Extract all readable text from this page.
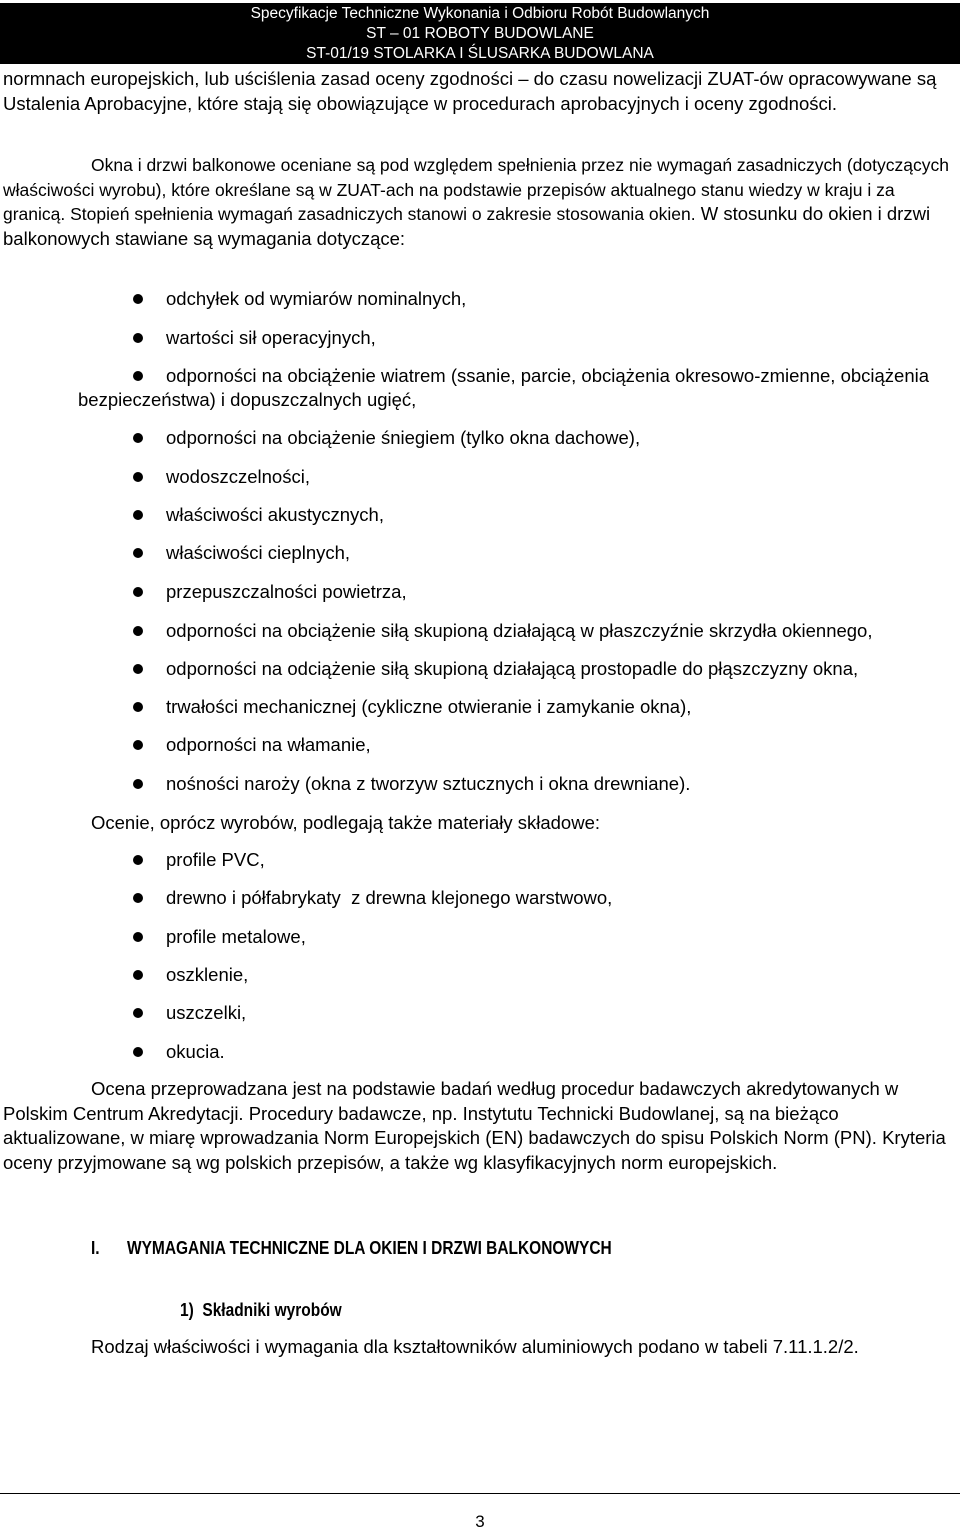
Specyfikacje Techniczne Wykonania i Odbioru Robót Budowlanych
ST – 01 ROBOTY BUDOWLANE
ST-01/19 STOLARKA I ŚLUSARKA BUDOWLANA

normnach europejskich, lub uściślenia zasad oceny zgodności – do czasu nowelizacji ZUAT-ów opracowywane są Ustalenia Aprobacyjne, które stają się obowiązujące w procedurach aprobacyjnych i oceny zgodności.

Okna i drzwi balkonowe oceniane są pod względem spełnienia przez nie wymagań zasadniczych (dotyczących właściwości wyrobu), które określane są w ZUAT-ach na podstawie przepisów aktualnego stanu wiedzy w kraju i za granicą. Stopień spełnienia wymagań zasadniczych stanowi o zakresie stosowania okien. W stosunku do okien i drzwi balkonowych stawiane są wymagania dotyczące:

odchyłek od wymiarów nominalnych,
wartości sił operacyjnych,
odporności na obciążenie wiatrem (ssanie, parcie, obciążenia okresowo-zmienne, obciążenia bezpieczeństwa) i dopuszczalnych ugięć,
odporności na obciążenie śniegiem (tylko okna dachowe),
wodoszczelności,
właściwości akustycznych,
właściwości cieplnych,
przepuszczalności powietrza,
odporności na obciążenie siłą skupioną działającą w płaszczyźnie skrzydła okiennego,
odporności na odciążenie siłą skupioną działającą prostopadle do płąszczyzny okna,
trwałości mechanicznej (cykliczne otwieranie i zamykanie okna),
odporności na włamanie,
nośności naroży (okna z tworzyw sztucznych i okna drewniane).
Ocenie, oprócz wyrobów, podlegają także materiały składowe:
profile PVC,
drewno i półfabrykaty  z drewna klejonego warstwowo,
profile metalowe,
oszklenie,
uszczelki,
okucia.

Ocena przeprowadzana jest na podstawie badań według procedur badawczych akredytowanych w Polskim Centrum Akredytacji. Procedury badawcze, np. Instytutu Technicki Budowlanej, są na bieżąco aktualizowane, w miarę wprowadzania Norm Europejskich (EN) badawczych do spisu Polskich Norm (PN). Kryteria oceny przyjmowane są wg polskich przepisów, a także wg klasyfikacyjnych norm europejskich.

I. WYMAGANIA TECHNICZNE DLA OKIEN I DRZWI BALKONOWYCH
1)  Składniki wyrobów

Rodzaj właściwości i wymagania dla kształtowników aluminiowych podano w tabeli 7.11.1.2/2.

3
